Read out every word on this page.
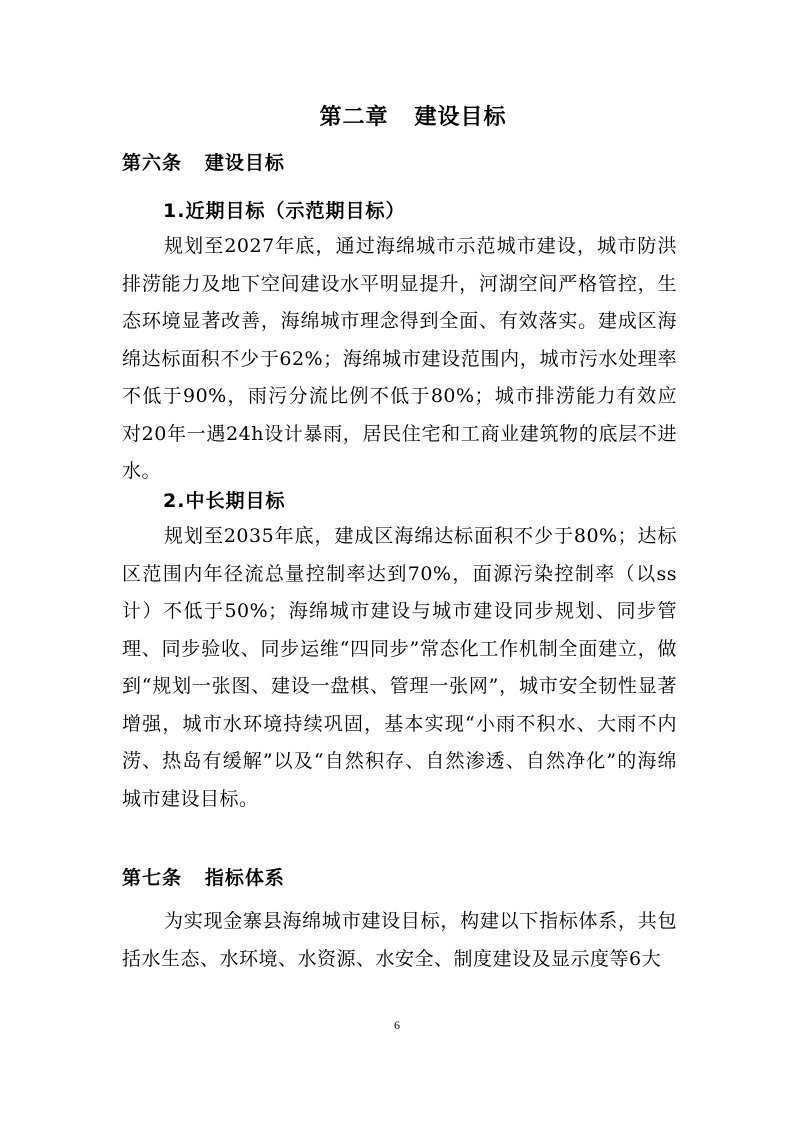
第二章   建设目标
第六条   建设目标
1.近期目标（示范期目标）

规划至2027年底，通过海绵城市示范城市建设，城市防洪排涝能力及地下空间建设水平明显提升，河湖空间严格管控，生态环境显著改善，海绵城市理念得到全面、有效落实。建成区海绵达标面积不少于62%；海绵城市建设范围内，城市污水处理率不低于90%，雨污分流比例不低于80%；城市排涝能力有效应对20年一遇24h设计暴雨，居民住宅和工商业建筑物的底层不进水。

2.中长期目标

规划至2035年底，建成区海绵达标面积不少于80%；达标区范围内年径流总量控制率达到70%，面源污染控制率（以ss计）不低于50%；海绵城市建设与城市建设同步规划、同步管理、同步验收、同步运维“四同步”常态化工作机制全面建立，做到“规划一张图、建设一盘棋、管理一张网”，城市安全韧性显著增强，城市水环境持续巩固，基本实现“小雨不积水、大雨不内涝、热岛有缓解”以及“自然积存、自然渗透、自然净化”的海绵城市建设目标。

第七条   指标体系

为实现金寨县海绵城市建设目标，构建以下指标体系，共包括水生态、水环境、水资源、水安全、制度建设及显示度等6大

6
